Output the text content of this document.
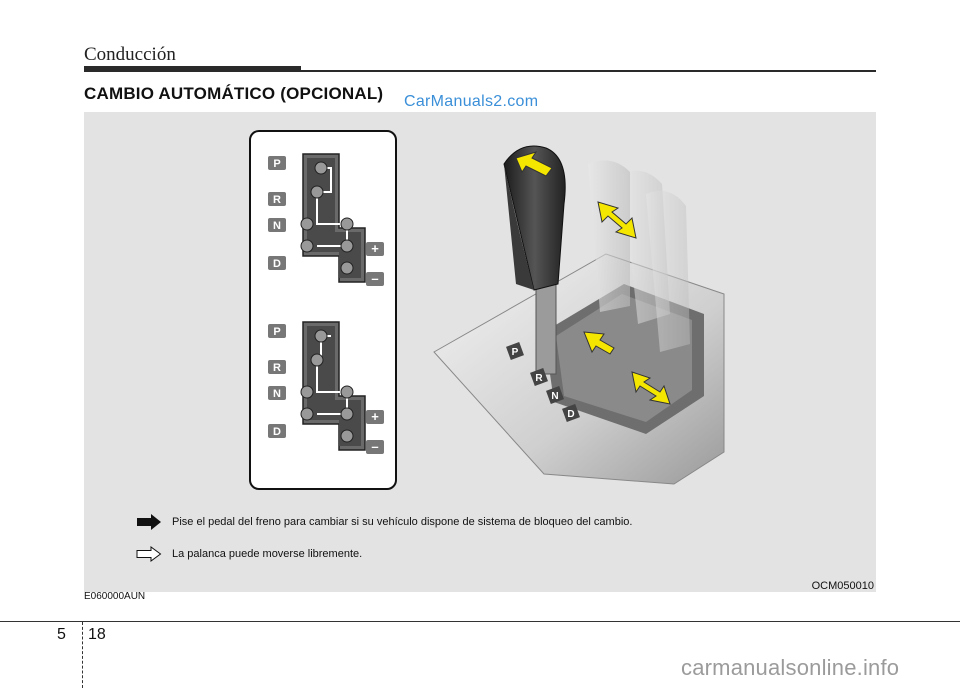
Conducción
CAMBIO AUTOMÁTICO (OPCIONAL) CarManuals2.com
P
R
N
D
+
–
P
R
N
D
+
–
P
R
N
D
Pise el pedal del freno para cambiar si su vehículo dispone de sistema de bloqueo del cambio.
La palanca puede moverse libremente.
OCM050010
E060000AUN
5 18
carmanualsonline.info
